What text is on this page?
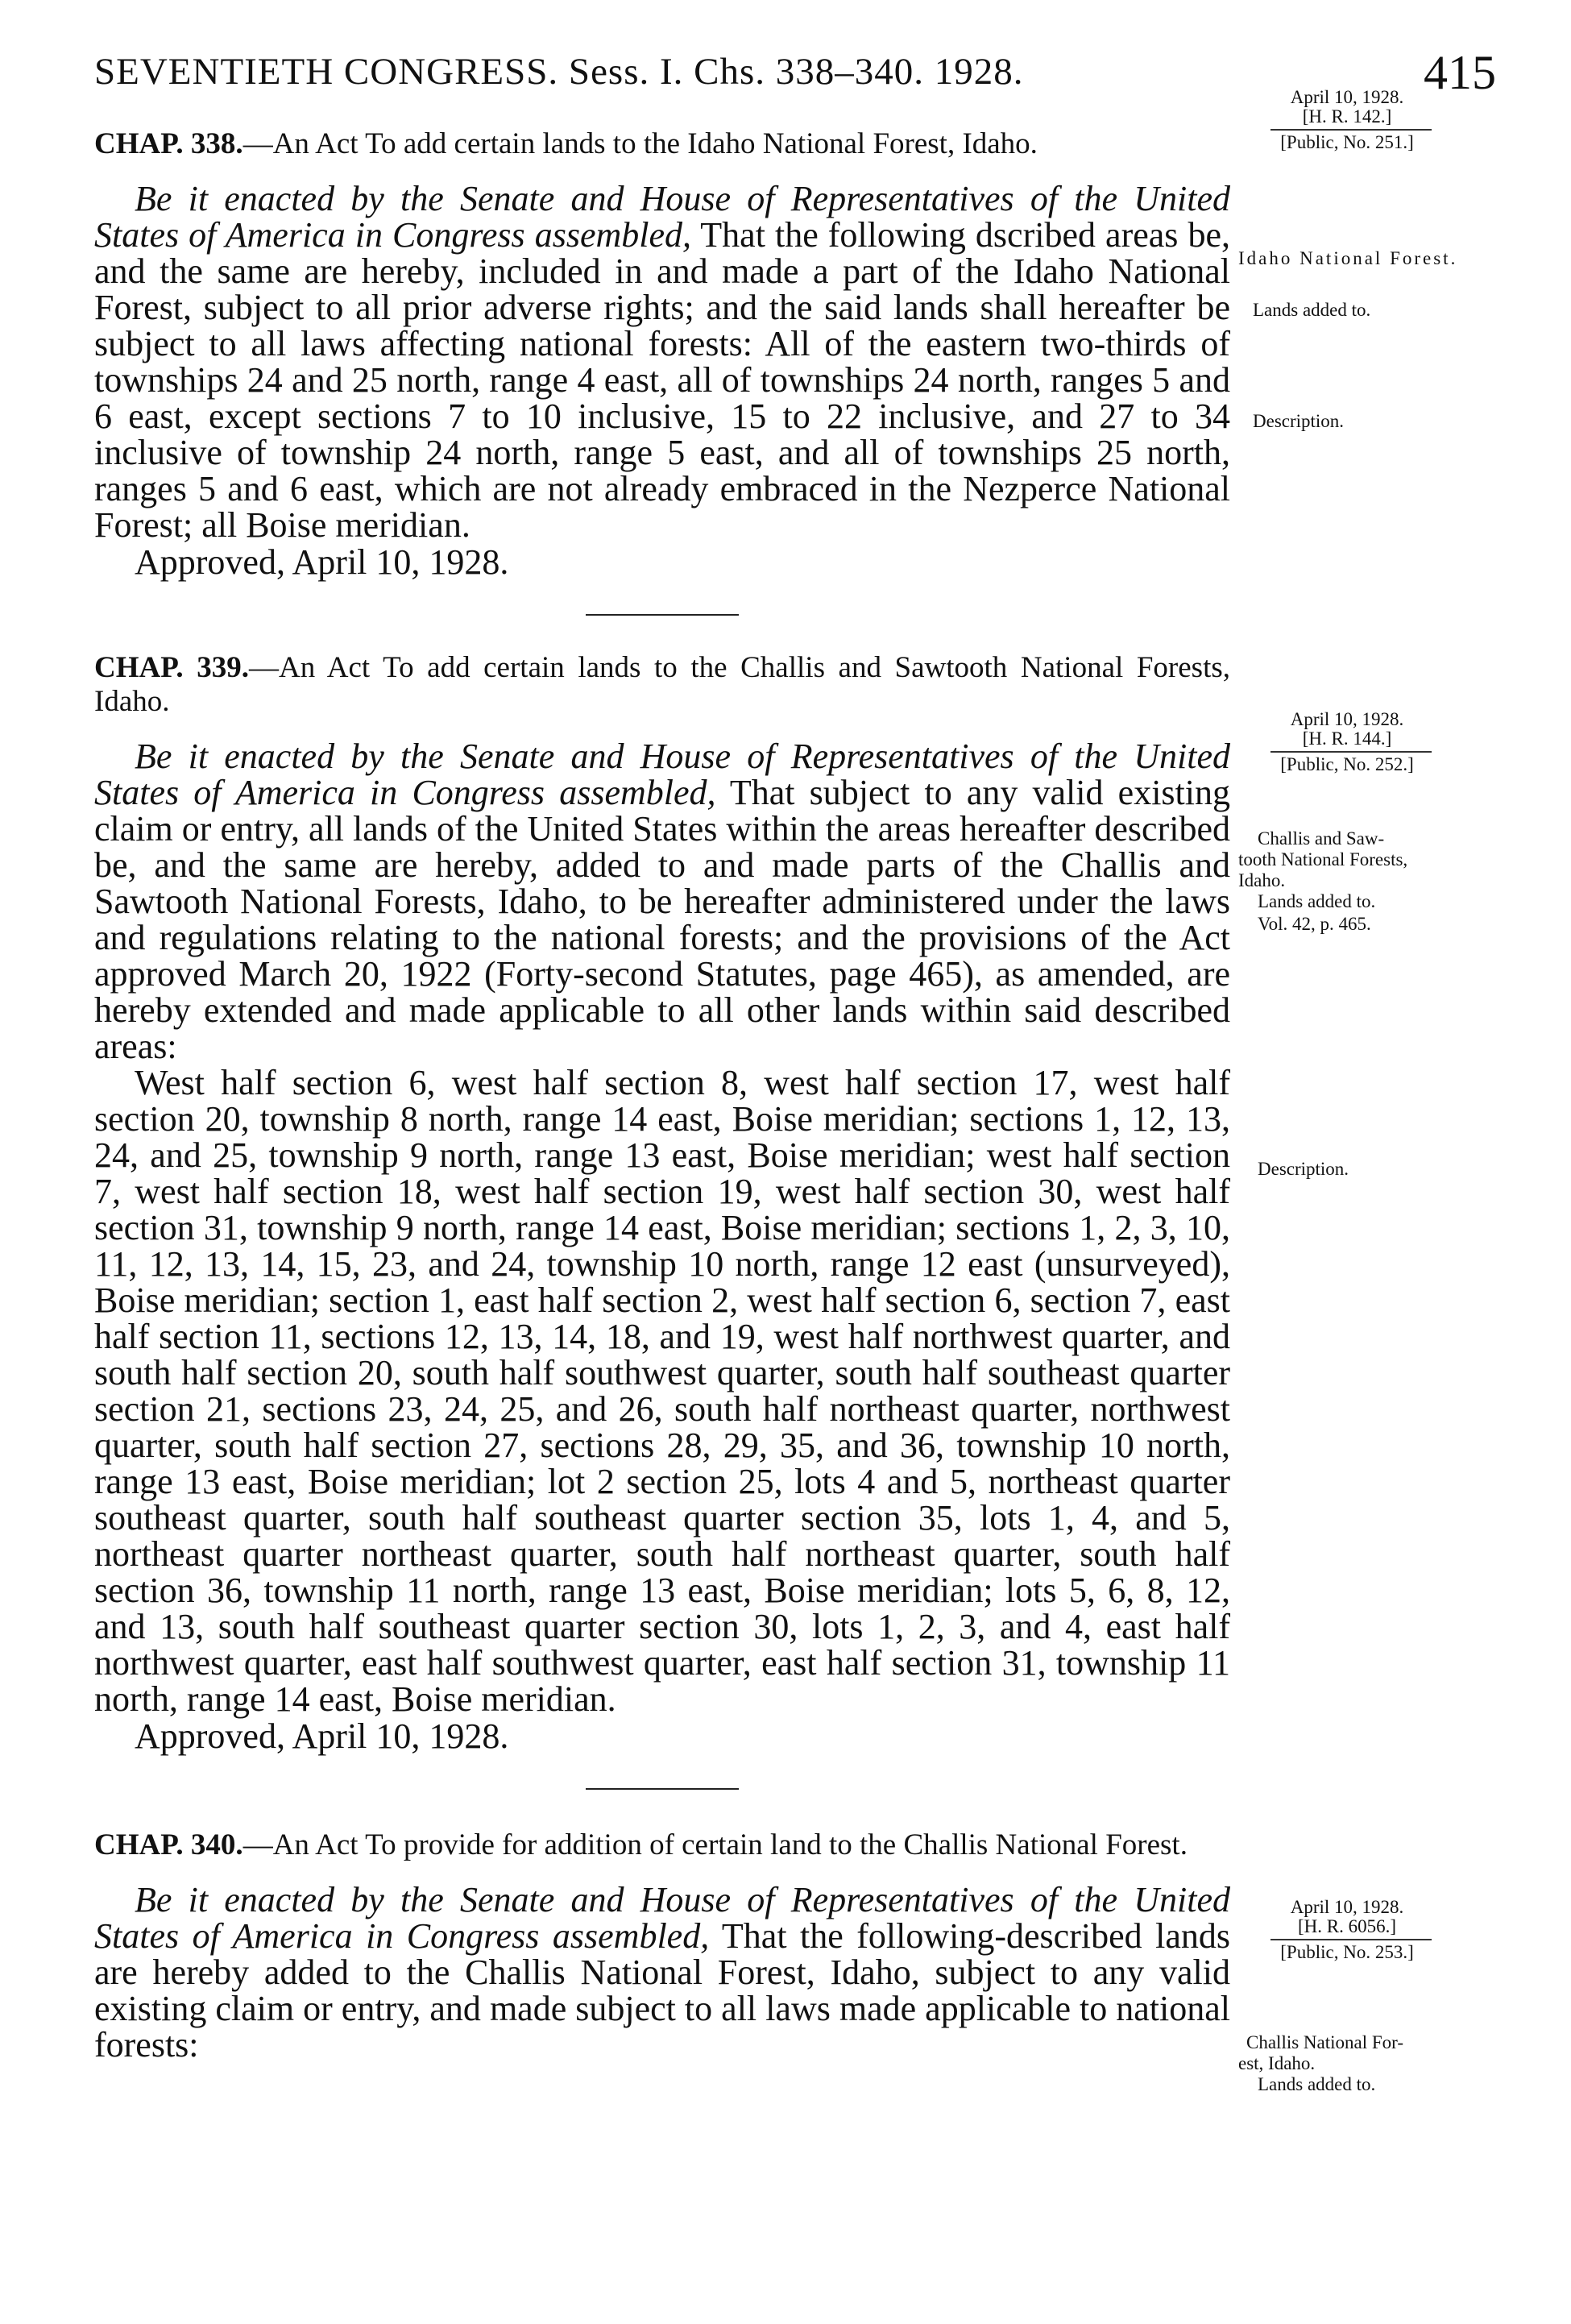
SEVENTIETH CONGRESS. Sess. I. Chs. 338–340. 1928.	415

CHAP. 338.—An Act To add certain lands to the Idaho National Forest, Idaho.

Be it enacted by the Senate and House of Representatives of the United States of America in Congress assembled, That the following dscribed areas be, and the same are hereby, included in and made a part of the Idaho National Forest, subject to all prior adverse rights; and the said lands shall hereafter be subject to all laws affecting national forests: All of the eastern two-thirds of townships 24 and 25 north, range 4 east, all of townships 24 north, ranges 5 and 6 east, except sections 7 to 10 inclusive, 15 to 22 inclusive, and 27 to 34 inclusive of township 24 north, range 5 east, and all of townships 25 north, ranges 5 and 6 east, which are not already embraced in the Nezperce National Forest; all Boise meridian.

Approved, April 10, 1928.

CHAP. 339.—An Act To add certain lands to the Challis and Sawtooth National Forests, Idaho.

Be it enacted by the Senate and House of Representatives of the United States of America in Congress assembled, That subject to any valid existing claim or entry, all lands of the United States within the areas hereafter described be, and the same are hereby, added to and made parts of the Challis and Sawtooth National Forests, Idaho, to be hereafter administered under the laws and regulations relating to the national forests; and the provisions of the Act approved March 20, 1922 (Forty-second Statutes, page 465), as amended, are hereby extended and made applicable to all other lands within said described areas:

West half section 6, west half section 8, west half section 17, west half section 20, township 8 north, range 14 east, Boise meridian; sections 1, 12, 13, 24, and 25, township 9 north, range 13 east, Boise meridian; west half section 7, west half section 18, west half section 19, west half section 30, west half section 31, township 9 north, range 14 east, Boise meridian; sections 1, 2, 3, 10, 11, 12, 13, 14, 15, 23, and 24, township 10 north, range 12 east (unsurveyed), Boise meridian; section 1, east half section 2, west half section 6, section 7, east half section 11, sections 12, 13, 14, 18, and 19, west half northwest quarter, and south half section 20, south half southwest quarter, south half southeast quarter section 21, sections 23, 24, 25, and 26, south half northeast quarter, northwest quarter, south half section 27, sections 28, 29, 35, and 36, township 10 north, range 13 east, Boise meridian; lot 2 section 25, lots 4 and 5, northeast quarter southeast quarter, south half southeast quarter section 35, lots 1, 4, and 5, northeast quarter northeast quarter, south half northeast quarter, south half section 36, township 11 north, range 13 east, Boise meridian; lots 5, 6, 8, 12, and 13, south half southeast quarter section 30, lots 1, 2, 3, and 4, east half northwest quarter, east half southwest quarter, east half section 31, township 11 north, range 14 east, Boise meridian.

Approved, April 10, 1928.

CHAP. 340.—An Act To provide for addition of certain land to the Challis National Forest.

Be it enacted by the Senate and House of Representatives of the United States of America in Congress assembled, That the following-described lands are hereby added to the Challis National Forest, Idaho, subject to any valid existing claim or entry, and made subject to all laws made applicable to national forests:

April 10, 1928.
[H. R. 142.]
[Public, No. 251.]
Idaho National Forest.
Lands added to.
Description.
April 10, 1928.
[H. R. 144.]
[Public, No. 252.]
Challis and Saw-
tooth National Forests,
Idaho.
Lands added to.
Vol. 42, p. 465.
Description.
April 10, 1928.
[H. R. 6056.]
[Public, No. 253.]
Challis National For-
est, Idaho.
Lands added to.
